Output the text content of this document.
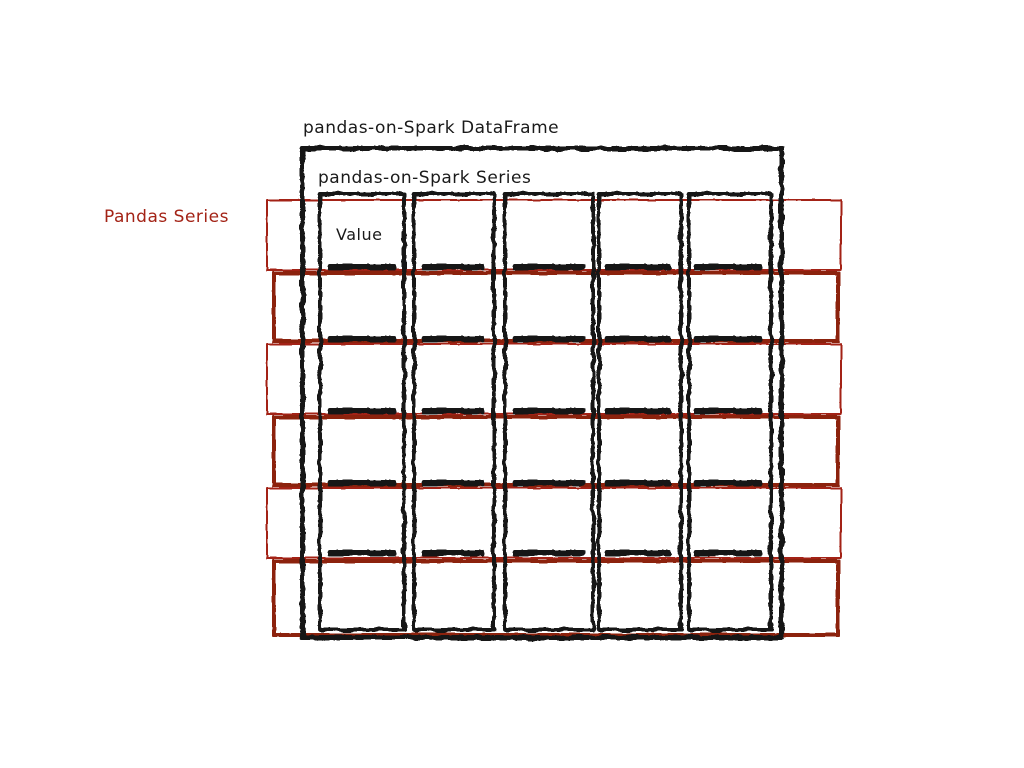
pandas-on-Spark DataFrame
pandas-on-Spark Series
Pandas Series
Value
